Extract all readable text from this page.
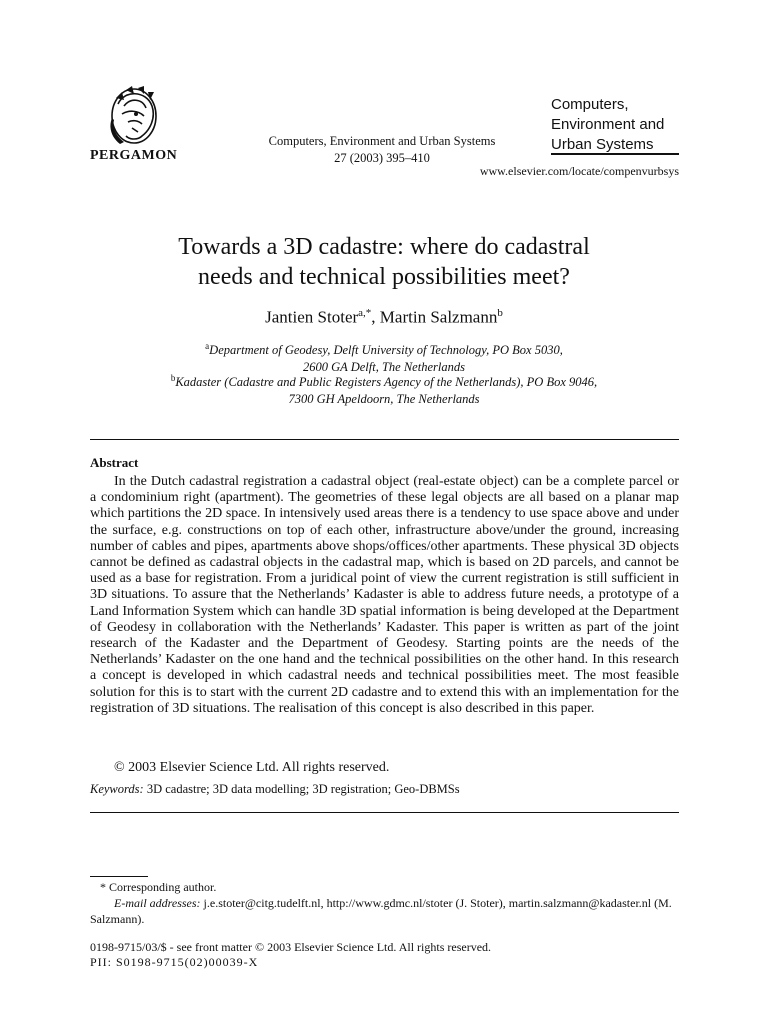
PERGAMON
Computers, Environment and Urban Systems
27 (2003) 395–410
Computers,
Environment and
Urban Systems
www.elsevier.com/locate/compenvurbsys
Towards a 3D cadastre: where do cadastral
needs and technical possibilities meet?
Jantien Stoter$^{a,*}$, Martin Salzmann$^b$
$^a$Department of Geodesy, Delft University of Technology, PO Box 5030,
2600 GA Delft, The Netherlands
$^b$Kadaster (Cadastre and Public Registers Agency of the Netherlands), PO Box 9046,
7300 GH Apeldoorn, The Netherlands
Abstract
In the Dutch cadastral registration a cadastral object (real-estate object) can be a complete parcel or a condominium right (apartment). The geometries of these legal objects are all based on a planar map which partitions the 2D space. In intensively used areas there is a tendency to use space above and under the surface, e.g. constructions on top of each other, infrastructure above/under the ground, increasing number of cables and pipes, apartments above shops/offices/other apartments. These physical 3D objects cannot be defined as cadastral objects in the cadastral map, which is based on 2D parcels, and cannot be used as a base for registration. From a juridical point of view the current registration is still sufficient in 3D situations. To assure that the Netherlands’ Kadaster is able to address future needs, a prototype of a Land Information System which can handle 3D spatial information is being developed at the Department of Geodesy in collaboration with the Netherlands’ Kadaster. This paper is written as part of the joint research of the Kadaster and the Department of Geodesy. Starting points are the needs of the Netherlands’ Kadaster on the one hand and the technical possibilities on the other hand. In this research a concept is developed in which cadastral needs and technical possibilities meet. The most feasible solution for this is to start with the current 2D cadastre and to extend this with an implementation for the registration of 3D situations. The realisation of this concept is also described in this paper.
© 2003 Elsevier Science Ltd. All rights reserved.
Keywords: 3D cadastre; 3D data modelling; 3D registration; Geo-DBMSs
* Corresponding author.
E-mail addresses: j.e.stoter@citg.tudelft.nl, http://www.gdmc.nl/stoter (J. Stoter), martin.salzmann@kadaster.nl (M. Salzmann).
0198-9715/03/$ - see front matter © 2003 Elsevier Science Ltd. All rights reserved.
PII: S0198-9715(02)00039-X
